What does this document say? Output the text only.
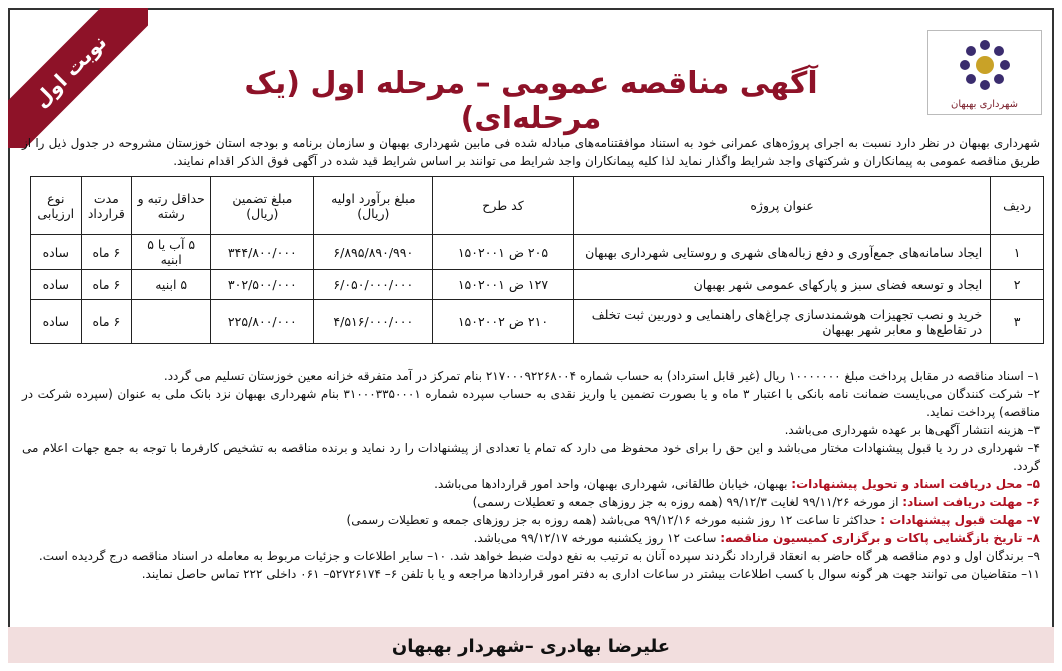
نوبت اول	شهرداری بهبهان
آگهی مناقصه عمومی – مرحله اول (یک مرحله‌ای)
شهرداری بهبهان در نظر دارد نسبت به اجرای پروژه‌های عمرانی خود به استناد موافقتنامه‌های مبادله شده فی مابین شهرداری بهبهان و سازمان برنامه و بودجه استان خوزستان مشروحه در جدول ذیل را از طریق مناقصه عمومی به پیمانکاران و شرکتهای واجد شرایط واگذار نماید لذا کلیه پیمانکاران واجد شرایط می توانند بر اساس شرایط قید شده در آگهی فوق الذکر اقدام نمایند.
ردیف	عنوان پروژه	کد طرح	مبلغ برآورد اولیه (ریال)	مبلغ تضمین (ریال)	حداقل رتبه و رشته	مدت قرارداد	نوع ارزیابی
۱	ایجاد سامانه‌های جمع‌آوری و دفع زباله‌های شهری و روستایی شهرداری بهبهان	۲۰۵ ض ۱۵۰۲۰۰۱	۶/۸۹۵/۸۹۰/۹۹۰	۳۴۴/۸۰۰/۰۰۰	۵ آب یا ۵ ابنیه	۶ ماه	ساده
۲	ایجاد و توسعه فضای سبز و پارکهای عمومی شهر بهبهان	۱۲۷ ض ۱۵۰۲۰۰۱	۶/۰۵۰/۰۰۰/۰۰۰	۳۰۲/۵۰۰/۰۰۰	۵ ابنیه	۶ ماه	ساده
۳	خرید و نصب تجهیزات هوشمندسازی چراغ‌های راهنمایی و دوربین ثبت تخلف در تقاطع‌ها و معابر شهر بهبهان	۲۱۰ ض ۱۵۰۲۰۰۲	۴/۵۱۶/۰۰۰/۰۰۰	۲۲۵/۸۰۰/۰۰۰		۶ ماه	ساده

۱– اسناد مناقصه در مقابل پرداخت مبلغ ۱۰۰۰۰۰۰۰ ریال (غیر قابل استرداد) به حساب شماره ۲۱۷۰۰۰۹۲۲۶۸۰۰۴ بنام تمرکز در آمد متفرقه خزانه معین خوزستان تسلیم می گردد.

۲– شرکت کنندگان می‌بایست ضمانت نامه بانکی با اعتبار ۳ ماه و یا بصورت تضمین یا واریز نقدی به حساب سپرده شماره ۳۱۰۰۰۳۳۵۰۰۰۱ بنام شهرداری بهبهان نزد بانک ملی به عنوان (سپرده شرکت در مناقصه) پرداخت نماید.

۳– هزینه انتشار آگهی‌ها بر عهده شهرداری می‌باشد.

۴– شهرداری در رد یا قبول پیشنهادات مختار می‌باشد و این حق را برای خود محفوظ می دارد که تمام یا تعدادی از پیشنهادات را رد نماید و برنده مناقصه به تشخیص کارفرما با توجه به جمع جهات اعلام می گردد.

۵– محل دریافت اسناد و تحویل پیشنهادات: بهبهان، خیابان طالقانی، شهرداری بهبهان، واحد امور قراردادها می‌باشد.

۶– مهلت دریافت اسناد: از مورخه ۹۹/۱۱/۲۶ لغایت ۹۹/۱۲/۳ (همه روزه به جز روزهای جمعه و تعطیلات رسمی)

۷– مهلت قبول پیشنهادات : حداکثر تا ساعت ۱۲ روز شنبه مورخه ۹۹/۱۲/۱۶ می‌باشد (همه روزه به جز روزهای جمعه و تعطیلات رسمی)

۸– تاریخ بازگشایی پاکات و برگزاری کمیسیون مناقصه: ساعت ۱۲ روز یکشنبه مورخه ۹۹/۱۲/۱۷ می‌باشد.

۹– برندگان اول و دوم مناقصه هر گاه حاضر به انعقاد قرارداد نگردند سپرده آنان به ترتیب به نفع دولت ضبط خواهد شد. ۱۰– سایر اطلاعات و جزئیات مربوط به معامله در اسناد مناقصه درج گردیده است.

۱۱– متقاضیان می توانند جهت هر گونه سوال با کسب اطلاعات بیشتر در ساعات اداری به دفتر امور قراردادها مراجعه و یا با تلفن ۶– ۵۲۷۲۶۱۷۴– ۰۶۱ داخلی ۲۲۲ تماس حاصل نمایند.

علیرضا بهادری –شهردار بهبهان
